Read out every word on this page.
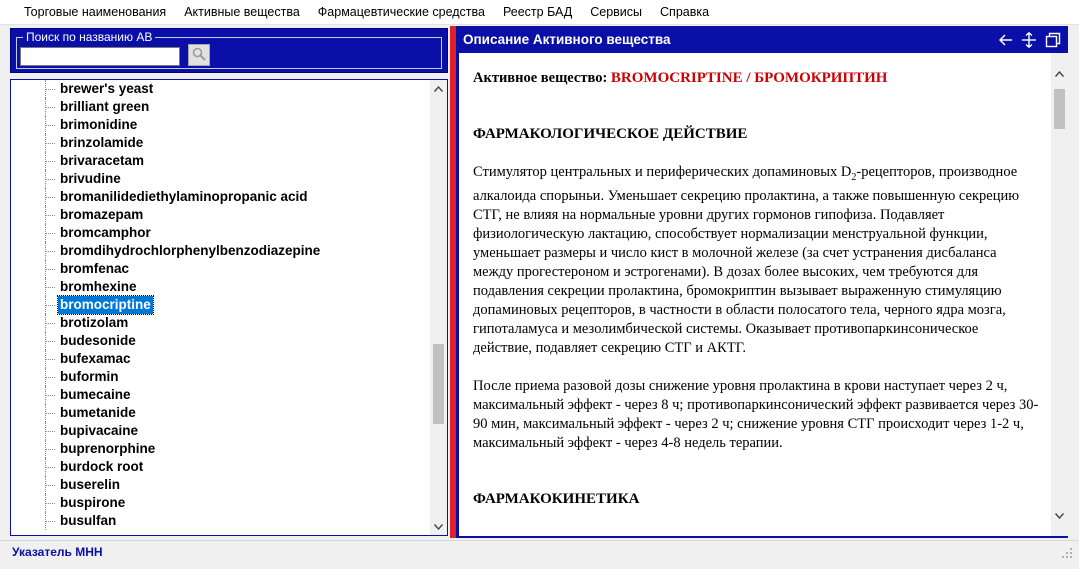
Торговые наименования	Активные вещества	Фармацевтические средства	Реестр БАД	Сервисы	Справка
Поиск по названию АВ
brewer's yeast
brilliant green
brimonidine
brinzolamide
brivaracetam
brivudine
bromanilidediethylaminopropanic acid
bromazepam
bromcamphor
bromdihydrochlorphenylbenzodiazepine
bromfenac
bromhexine
bromocriptine
brotizolam
budesonide
bufexamac
buformin
bumecaine
bumetanide
bupivacaine
buprenorphine
burdock root
buserelin
buspirone
busulfan
Описание Активного вещества
Активное вещество: BROMOCRIPTINE / БРОМОКРИПТИН
ФАРМАКОЛОГИЧЕСКОЕ ДЕЙСТВИЕ
Стимулятор центральных и периферических допаминовых $D_2$-рецепторов, производное алкалоида спорыньи. Уменьшает секрецию пролактина, а также повышенную секрецию СТГ, не влияя на нормальные уровни других гормонов гипофиза. Подавляет физиологическую лактацию, способствует нормализации менструальной функции, уменьшает размеры и число кист в молочной железе (за счет устранения дисбаланса между прогестероном и эстрогенами). В дозах более высоких, чем требуются для подавления секреции пролактина, бромокриптин вызывает выраженную стимуляцию допаминовых рецепторов, в частности в области полосатого тела, черного ядра мозга, гипоталамуса и мезолимбической системы. Оказывает противопаркинсоническое действие, подавляет секрецию СТГ и АКТГ.
После приема разовой дозы снижение уровня пролактина в крови наступает через 2 ч, максимальный эффект - через 8 ч; противопаркинсонический эффект развивается через 30-90 мин, максимальный эффект - через 2 ч; снижение уровня СТГ происходит через 1-2 ч, максимальный эффект - через 4-8 недель терапии.
ФАРМАКОКИНЕТИКА
Указатель МНН
